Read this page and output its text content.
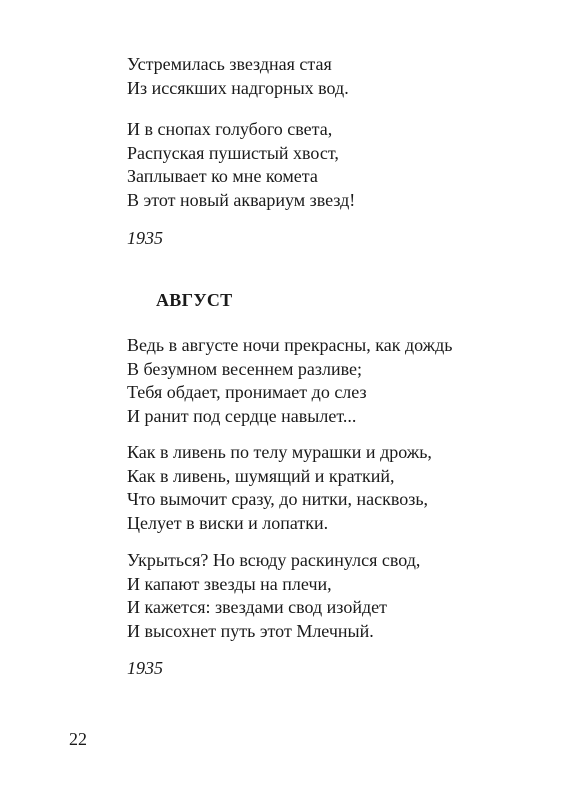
Устремилась звездная стая
Из иссякших надгорных вод.
И в снопах голубого света,
Распуская пушистый хвост,
Заплывает ко мне комета
В этот новый аквариум звезд!
1935
АВГУСТ
Ведь в августе ночи прекрасны, как дождь
В безумном весеннем разливе;
Тебя обдает, пронимает до слез
И ранит под сердце навылет...
Как в ливень по телу мурашки и дрожь,
Как в ливень, шумящий и краткий,
Что вымочит сразу, до нитки, насквозь,
Целует в виски и лопатки.
Укрыться? Но всюду раскинулся свод,
И капают звезды на плечи,
И кажется: звездами свод изойдет
И высохнет путь этот Млечный.
1935
22
